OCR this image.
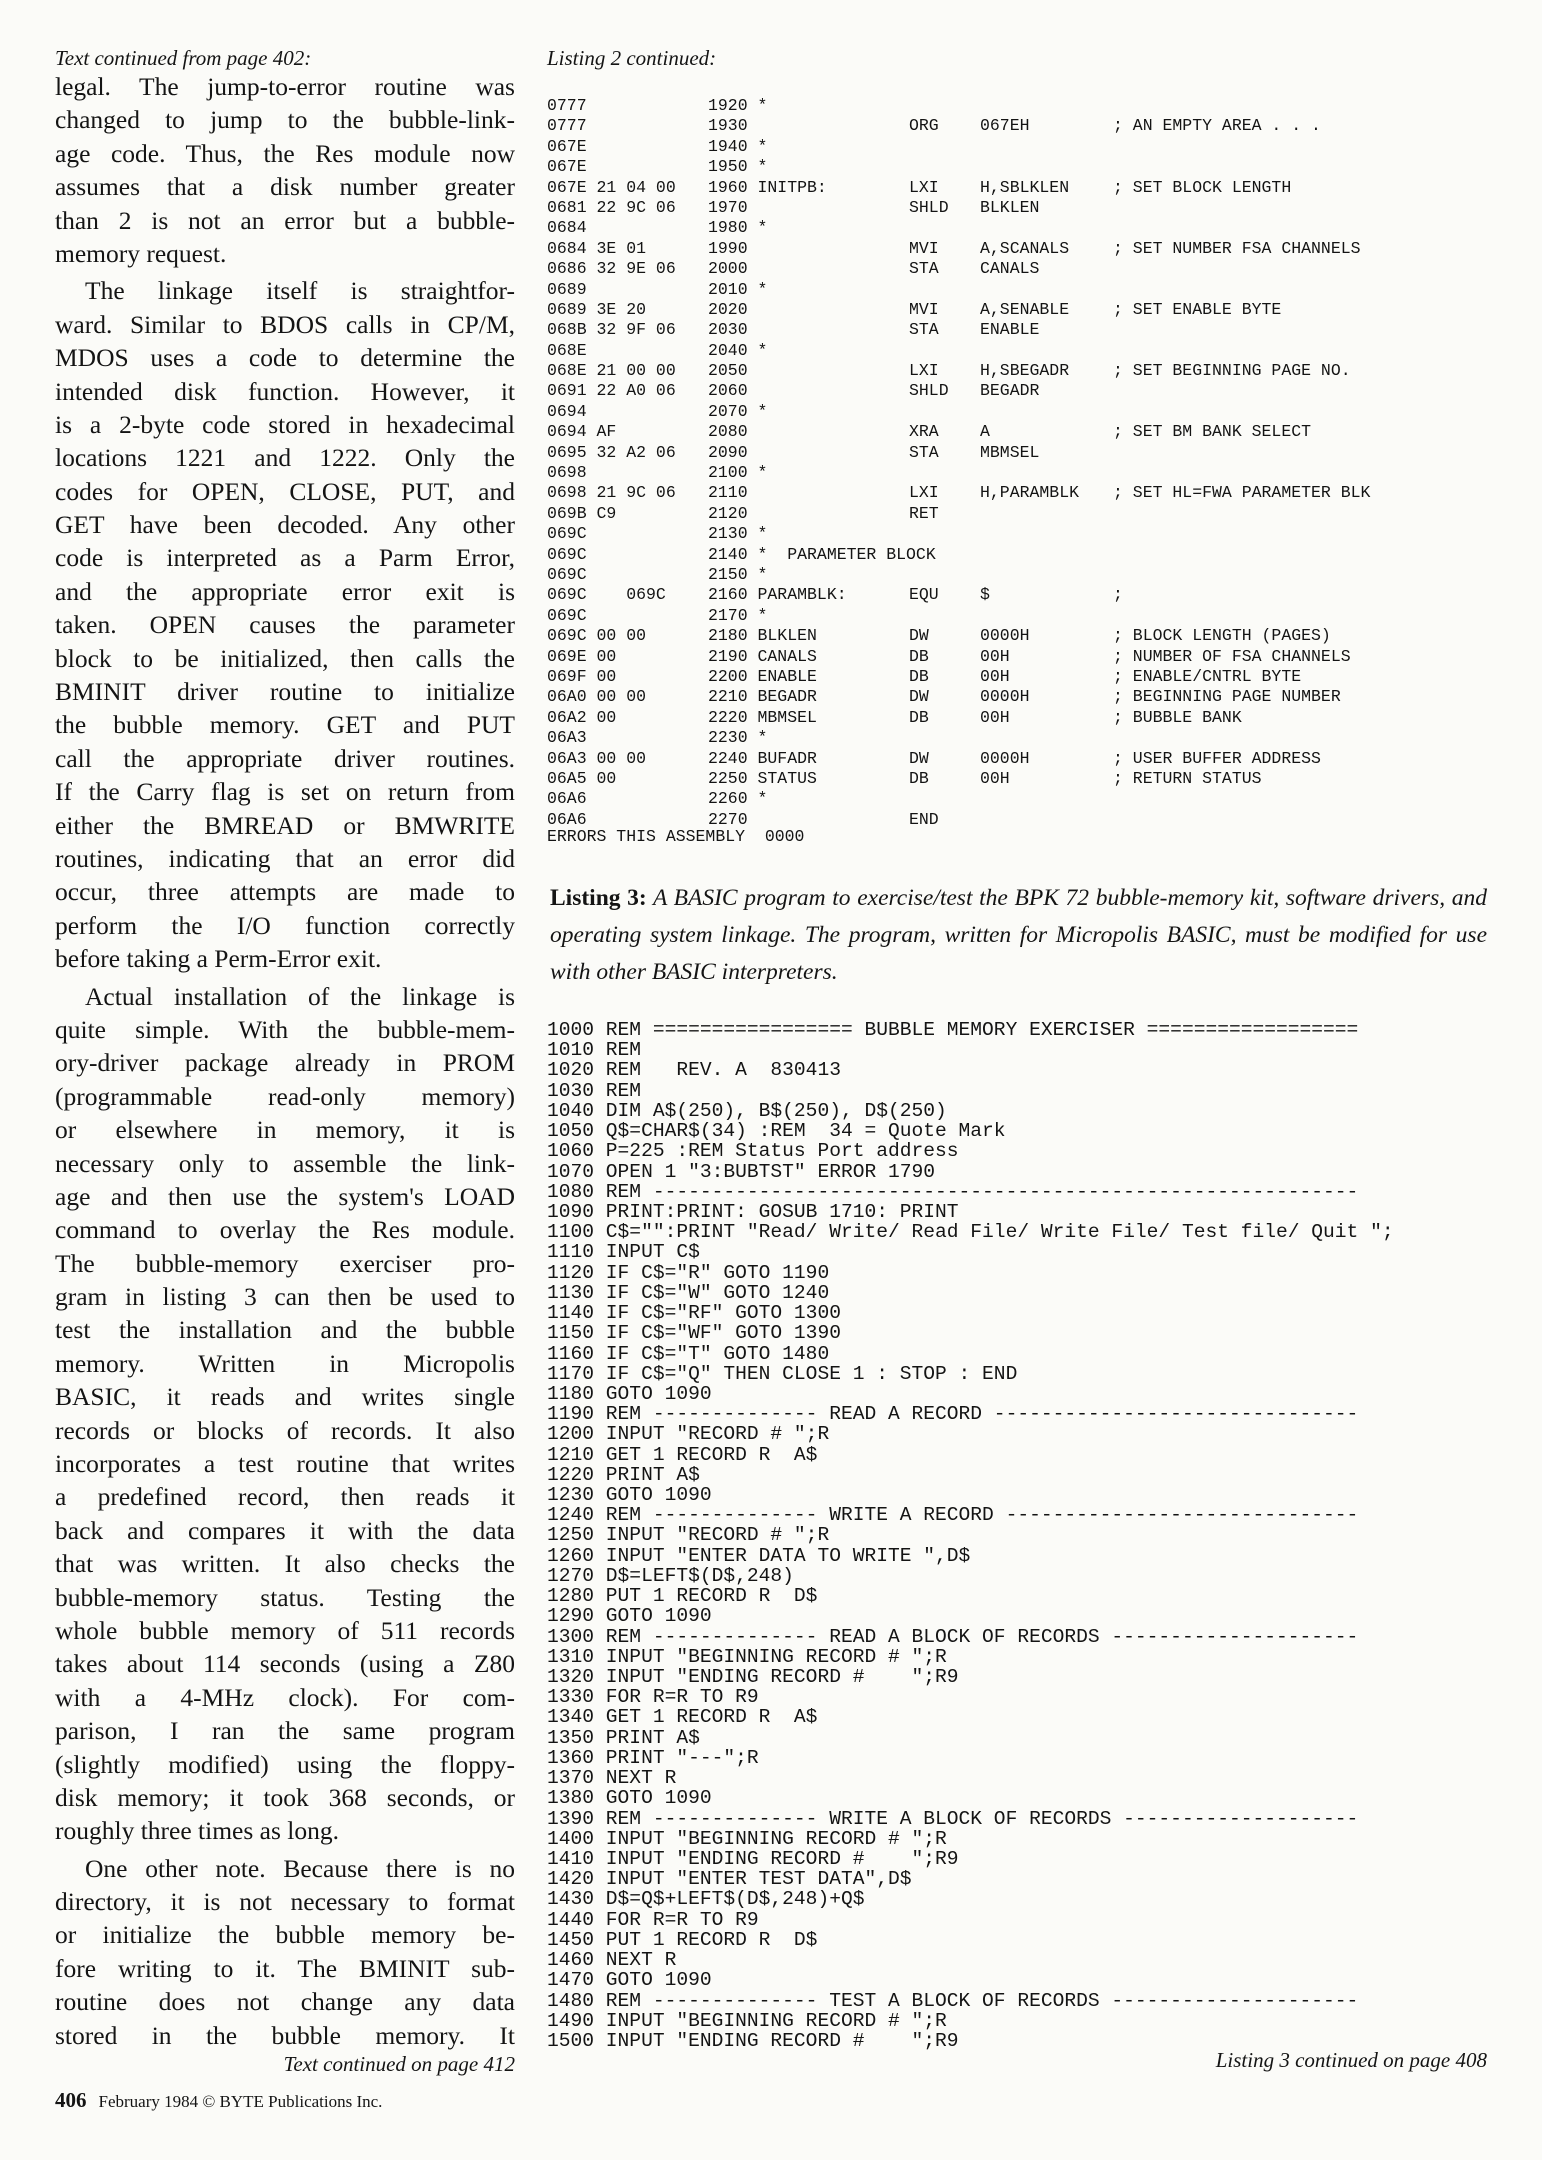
Text continued from page 402:
legal. The jump-to-error routine was
changed to jump to the bubble-link-
age code. Thus, the Res module now
assumes that a disk number greater
than 2 is not an error but a bubble-
memory request.
The linkage itself is straightfor-
ward. Similar to BDOS calls in CP/M,
MDOS uses a code to determine the
intended disk function. However, it
is a 2-byte code stored in hexadecimal
locations 1221 and 1222. Only the
codes for OPEN, CLOSE, PUT, and
GET have been decoded. Any other
code is interpreted as a Parm Error,
and the appropriate error exit is
taken. OPEN causes the parameter
block to be initialized, then calls the
BMINIT driver routine to initialize
the bubble memory. GET and PUT
call the appropriate driver routines.
If the Carry flag is set on return from
either the BMREAD or BMWRITE
routines, indicating that an error did
occur, three attempts are made to
perform the I/O function correctly
before taking a Perm-Error exit.
Actual installation of the linkage is
quite simple. With the bubble-mem-
ory-driver package already in PROM
(programmable read-only memory)
or elsewhere in memory, it is
necessary only to assemble the link-
age and then use the system's LOAD
command to overlay the Res module.
The bubble-memory exerciser pro-
gram in listing 3 can then be used to
test the installation and the bubble
memory. Written in Micropolis
BASIC, it reads and writes single
records or blocks of records. It also
incorporates a test routine that writes
a predefined record, then reads it
back and compares it with the data
that was written. It also checks the
bubble-memory status. Testing the
whole bubble memory of 511 records
takes about 114 seconds (using a Z80
with a 4-MHz clock). For com-
parison, I ran the same program
(slightly modified) using the floppy-
disk memory; it took 368 seconds, or
roughly three times as long.
One other note. Because there is no
directory, it is not necessary to format
or initialize the bubble memory be-
fore writing to it. The BMINIT sub-
routine does not change any data
stored in the bubble memory. It
Text continued on page 412
406 February 1984 © BYTE Publications Inc.
Listing 2 continued:
0777	1920 *
0777	1930	ORG	067EH	; AN EMPTY AREA . . .
067E	1940 *
067E	1950 *
067E 21 04 00 1960 INITPB:	LXI	H,SBLKLEN	; SET BLOCK LENGTH
0681 22 9C 06 1970	SHLD BLKLEN
0684	1980 *
0684 3E 01	1990	MVI	A,SCANALS	; SET NUMBER FSA CHANNELS
0686 32 9E 06 2000	STA	CANALS
0689	2010 *
0689 3E 20	2020	MVI	A,SENABLE	; SET ENABLE BYTE
068B 32 9F 06 2030	STA	ENABLE
068E	2040 *
068E 21 00 00 2050	LXI	H,SBEGADR	; SET BEGINNING PAGE NO.
0691 22 A0 06 2060	SHLD BEGADR
0694	2070 *
0694 AF	2080	XRA	A	; SET BM BANK SELECT
0695 32 A2 06 2090	STA	MBMSEL
0698	2100 *
0698 21 9C 06 2110	LXI	H,PARAMBLK ; SET HL=FWA PARAMETER BLK
069B C9	2120	RET
069C	2130 *
069C	2140 *  PARAMETER BLOCK
069C	2150 *
069C    069C	2160 PARAMBLK:	EQU	$	;
069C	2170 *
069C 00 00	2180 BLKLEN	DW	0000H	; BLOCK LENGTH (PAGES)
069E 00	2190 CANALS	DB	00H	; NUMBER OF FSA CHANNELS
069F 00	2200 ENABLE	DB	00H	; ENABLE/CNTRL BYTE
06A0 00 00	2210 BEGADR	DW	0000H	; BEGINNING PAGE NUMBER
06A2 00	2220 MBMSEL	DB	00H	; BUBBLE BANK
06A3	2230 *
06A3 00 00	2240 BUFADR	DW	0000H	; USER BUFFER ADDRESS
06A5 00	2250 STATUS	DB	00H	; RETURN STATUS
06A6	2260 *
06A6	2270	END
ERRORS THIS ASSEMBLY  0000
Listing 3: A BASIC program to exercise/test the BPK 72 bubble-memory kit, software drivers, and operating system linkage. The program, written for Micropolis BASIC, must be modified for use with other BASIC interpreters.
1000 REM ================= BUBBLE MEMORY EXERCISER ==================
1010 REM
1020 REM   REV. A  830413
1030 REM
1040 DIM A$(250), B$(250), D$(250)
1050 Q$=CHAR$(34) :REM  34 = Quote Mark
1060 P=225 :REM Status Port address
1070 OPEN 1 "3:BUBTST" ERROR 1790
1080 REM ------------------------------------------------------------
1090 PRINT:PRINT: GOSUB 1710: PRINT
1100 C$="":PRINT "Read/ Write/ Read File/ Write File/ Test file/ Quit ";
1110 INPUT C$
1120 IF C$="R" GOTO 1190
1130 IF C$="W" GOTO 1240
1140 IF C$="RF" GOTO 1300
1150 IF C$="WF" GOTO 1390
1160 IF C$="T" GOTO 1480
1170 IF C$="Q" THEN CLOSE 1 : STOP : END
1180 GOTO 1090
1190 REM -------------- READ A RECORD -------------------------------
1200 INPUT "RECORD # ";R
1210 GET 1 RECORD R  A$
1220 PRINT A$
1230 GOTO 1090
1240 REM -------------- WRITE A RECORD ------------------------------
1250 INPUT "RECORD # ";R
1260 INPUT "ENTER DATA TO WRITE ",D$
1270 D$=LEFT$(D$,248)
1280 PUT 1 RECORD R  D$
1290 GOTO 1090
1300 REM -------------- READ A BLOCK OF RECORDS ---------------------
1310 INPUT "BEGINNING RECORD # ";R
1320 INPUT "ENDING RECORD #    ";R9
1330 FOR R=R TO R9
1340 GET 1 RECORD R  A$
1350 PRINT A$
1360 PRINT "---";R
1370 NEXT R
1380 GOTO 1090
1390 REM -------------- WRITE A BLOCK OF RECORDS --------------------
1400 INPUT "BEGINNING RECORD # ";R
1410 INPUT "ENDING RECORD #    ";R9
1420 INPUT "ENTER TEST DATA",D$
1430 D$=Q$+LEFT$(D$,248)+Q$
1440 FOR R=R TO R9
1450 PUT 1 RECORD R  D$
1460 NEXT R
1470 GOTO 1090
1480 REM -------------- TEST A BLOCK OF RECORDS ---------------------
1490 INPUT "BEGINNING RECORD # ";R
1500 INPUT "ENDING RECORD #    ";R9
Listing 3 continued on page 408
